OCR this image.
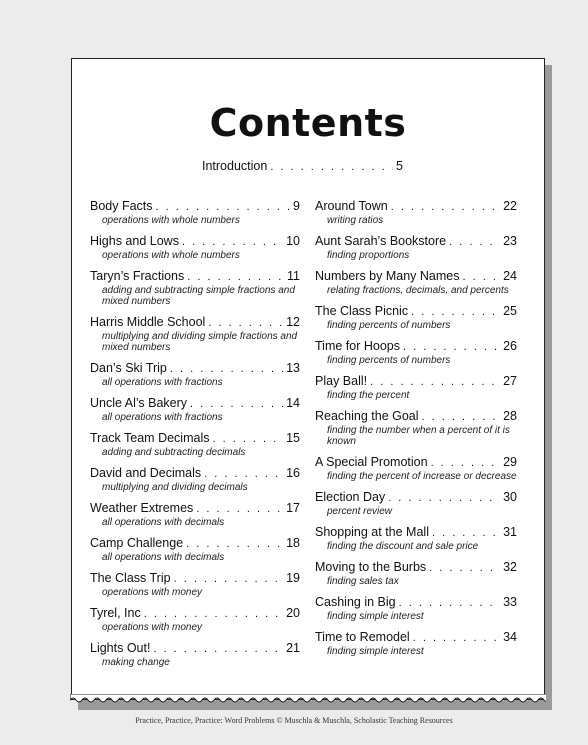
Contents
Introduction . . .	5
Body Facts . . .	9
operations with whole numbers
Highs and Lows . . .	10
operations with whole numbers
Taryn’s Fractions . . .	11
adding and subtracting simple fractions and mixed numbers
Harris Middle School . . .	12
multiplying and dividing simple fractions and mixed numbers
Dan’s Ski Trip . . .	13
all operations with fractions
Uncle Al’s Bakery . . .	14
all operations with fractions
Track Team Decimals . . .	15
adding and subtracting decimals
David and Decimals . . .	16
multiplying and dividing decimals
Weather Extremes . . .	17
all operations with decimals
Camp Challenge . . .	18
all operations with decimals
The Class Trip . . .	19
operations with money
Tyrel, Inc . . .	20
operations with money
Lights Out! . . .	21
making change
Around Town . . .	22
writing ratios
Aunt Sarah’s Bookstore . . .	23
finding proportions
Numbers by Many Names . . .	24
relating fractions, decimals, and percents
The Class Picnic . . .	25
finding percents of numbers
Time for Hoops . . .	26
finding percents of numbers
Play Ball! . . .	27
finding the percent
Reaching the Goal . . .	28
finding the number when a percent of it is known
A Special Promotion . . .	29
finding the percent of increase or decrease
Election Day . . .	30
percent review
Shopping at the Mall . . .	31
finding the discount and sale price
Moving to the Burbs . . .	32
finding sales tax
Cashing in Big . . .	33
finding simple interest
Time to Remodel . . .	34
finding simple interest
Practice, Practice, Practice: Word Problems © Muschla & Muschla, Scholastic Teaching Resources
